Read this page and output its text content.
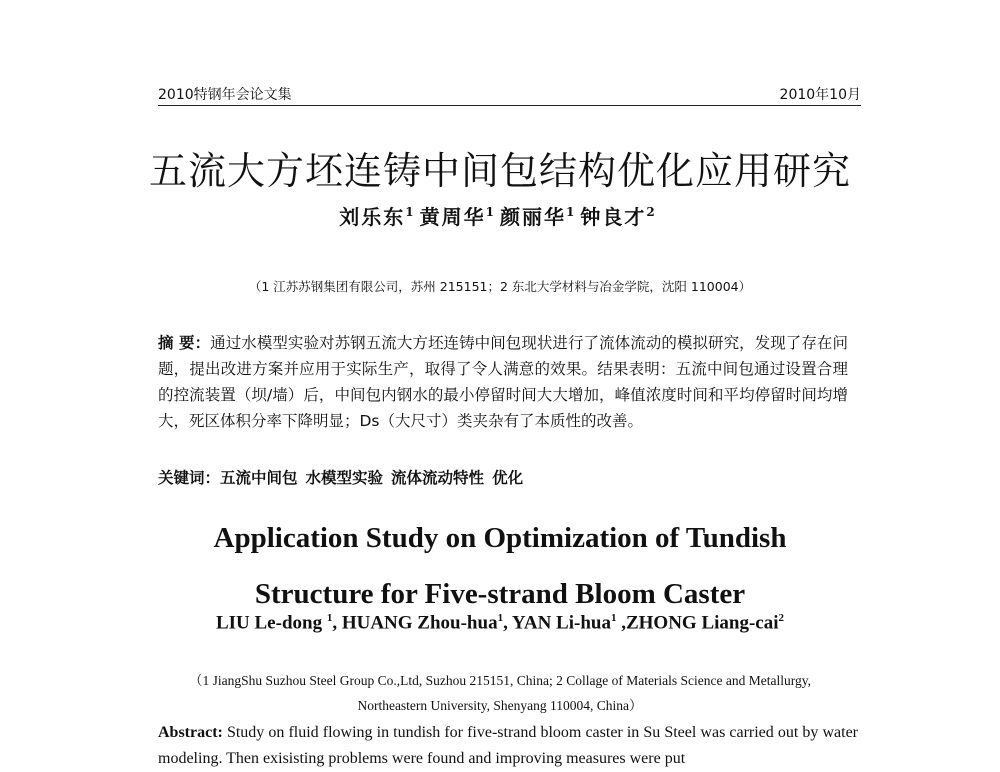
2010特钢年会论文集	2010年10月
五流大方坯连铸中间包结构优化应用研究
刘乐东$^1$ 黄周华$^1$ 颜丽华$^1$ 钟良才$^2$
（1 江苏苏钢集团有限公司，苏州 215151；2 东北大学材料与冶金学院，沈阳 110004）
摘 要：通过水模型实验对苏钢五流大方坯连铸中间包现状进行了流体流动的模拟研究，发现了存在问题，提出改进方案并应用于实际生产，取得了令人满意的效果。结果表明：五流中间包通过设置合理的控流装置（坝/墙）后，中间包内钢水的最小停留时间大大增加，峰值浓度时间和平均停留时间均增大，死区体积分率下降明显；Ds（大尺寸）类夹杂有了本质性的改善。
关键词：五流中间包 水模型实验 流体流动特性 优化
Application Study on Optimization of Tundish
Structure for Five-strand Bloom Caster
LIU Le-dong $^1$, HUANG Zhou-hua$^1$, YAN Li-hua$^1$ ,ZHONG Liang-cai$^2$
（1 JiangShu Suzhou Steel Group Co.,Ltd, Suzhou 215151, China; 2 Collage of Materials Science and Metallurgy,
Northeastern University, Shenyang 110004, China）
Abstract: Study on fluid flowing in tundish for five-strand bloom caster in Su Steel was carried out by water modeling. Then exisisting problems were found and improving measures were put
